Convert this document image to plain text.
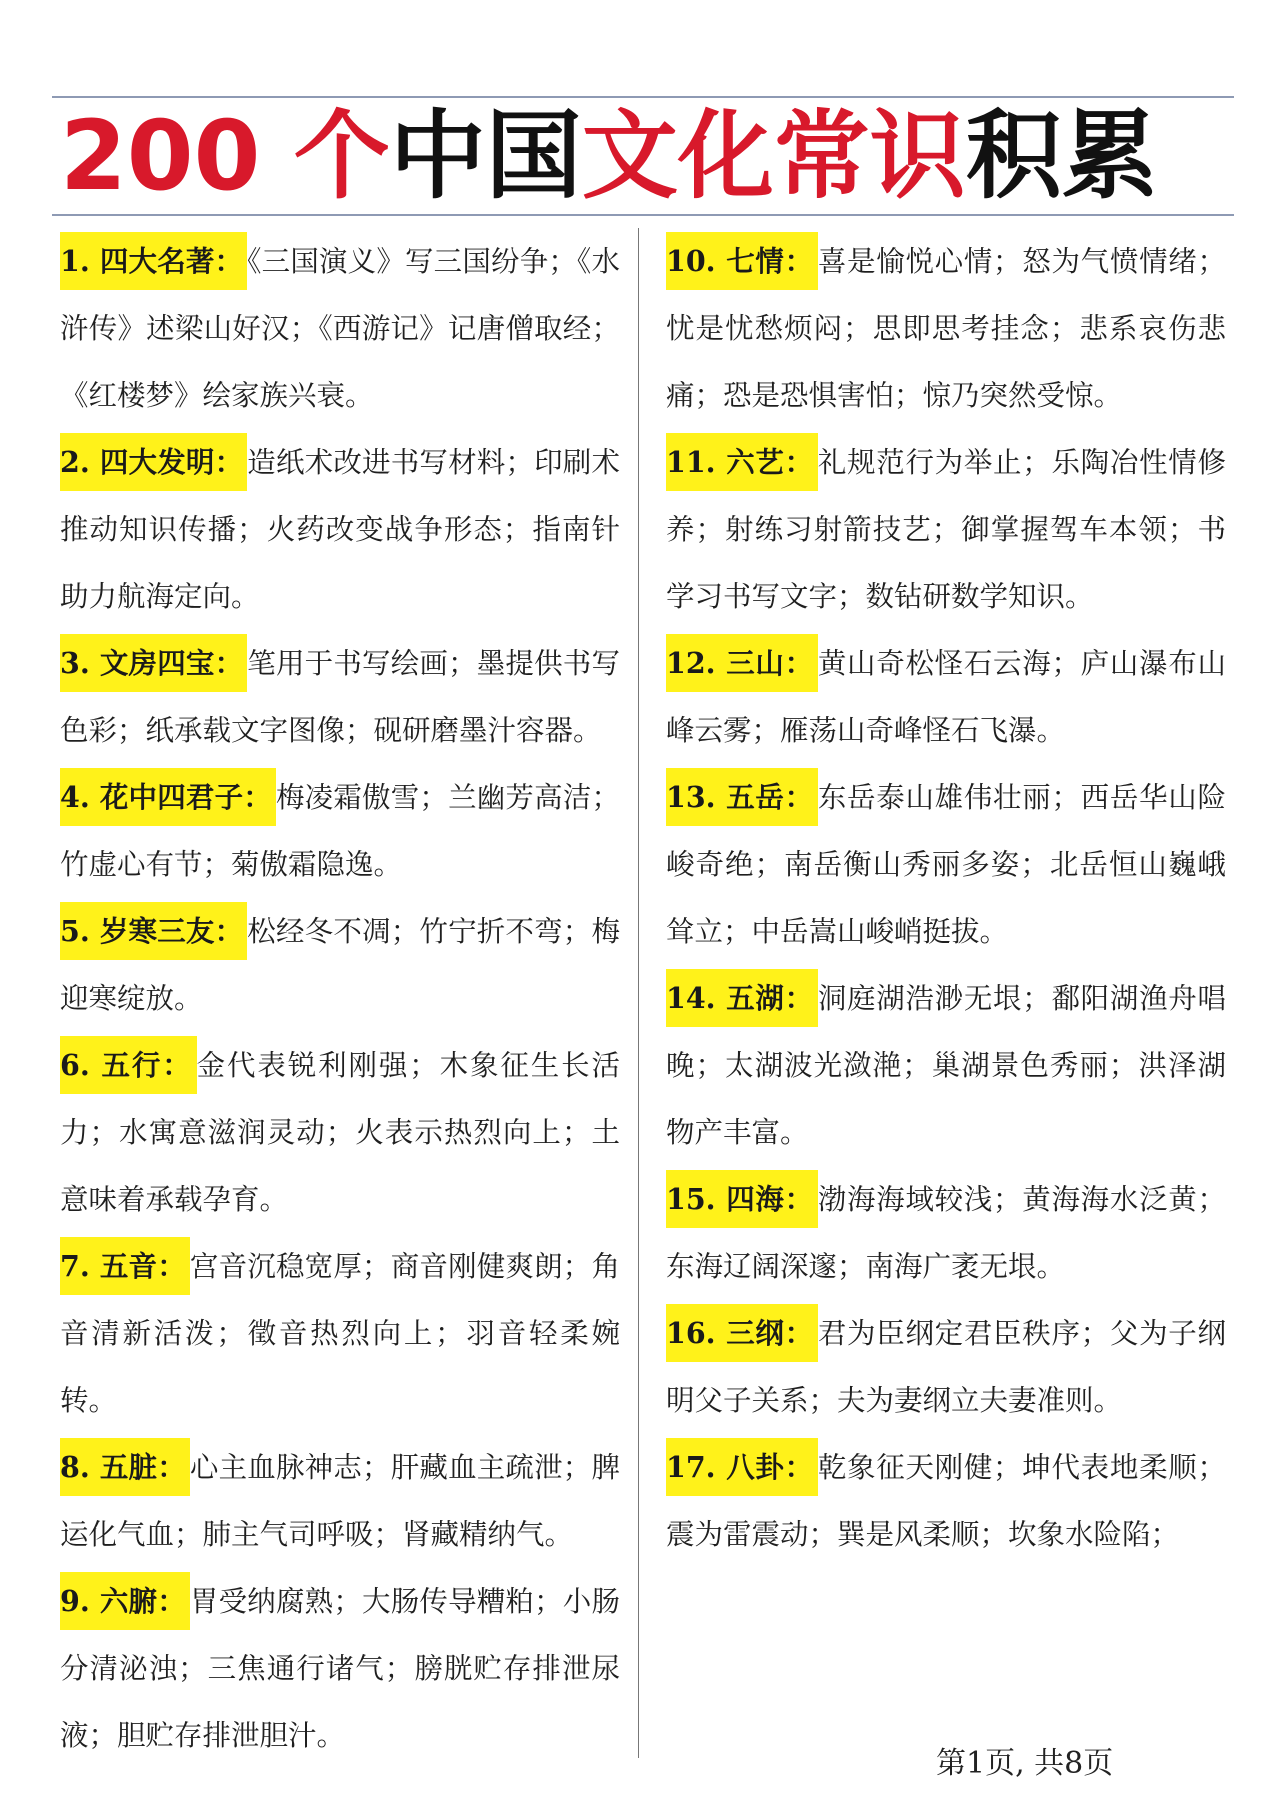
200 个中国文化常识积累

1. 四大名著： 《三国演义》写三国纷争；《水浒传》述梁山好汉；《西游记》记唐僧取经；《红楼梦》绘家族兴衰。

2. 四大发明： 造纸术改进书写材料；印刷术推动知识传播；火药改变战争形态；指南针助力航海定向。

3. 文房四宝： 笔用于书写绘画；墨提供书写色彩；纸承载文字图像；砚研磨墨汁容器。

4. 花中四君子： 梅凌霜傲雪；兰幽芳高洁；竹虚心有节；菊傲霜隐逸。

5. 岁寒三友： 松经冬不凋；竹宁折不弯；梅迎寒绽放。

6. 五行： 金代表锐利刚强；木象征生长活力；水寓意滋润灵动；火表示热烈向上；土意味着承载孕育。

7. 五音： 宫音沉稳宽厚；商音刚健爽朗；角音清新活泼；徵音热烈向上；羽音轻柔婉转。

8. 五脏： 心主血脉神志；肝藏血主疏泄；脾运化气血；肺主气司呼吸；肾藏精纳气。

9. 六腑： 胃受纳腐熟；大肠传导糟粕；小肠分清泌浊；三焦通行诸气；膀胱贮存排泄尿液；胆贮存排泄胆汁。

10. 七情： 喜是愉悦心情；怒为气愤情绪；忧是忧愁烦闷；思即思考挂念；悲系哀伤悲痛；恐是恐惧害怕；惊乃突然受惊。

11. 六艺： 礼规范行为举止；乐陶冶性情修养；射练习射箭技艺；御掌握驾车本领；书学习书写文字；数钻研数学知识。

12. 三山： 黄山奇松怪石云海；庐山瀑布山峰云雾；雁荡山奇峰怪石飞瀑。

13. 五岳： 东岳泰山雄伟壮丽；西岳华山险峻奇绝；南岳衡山秀丽多姿；北岳恒山巍峨耸立；中岳嵩山峻峭挺拔。

14. 五湖： 洞庭湖浩渺无垠；鄱阳湖渔舟唱晚；太湖波光潋滟；巢湖景色秀丽；洪泽湖物产丰富。

15. 四海： 渤海海域较浅；黄海海水泛黄；东海辽阔深邃；南海广袤无垠。

16. 三纲： 君为臣纲定君臣秩序；父为子纲明父子关系；夫为妻纲立夫妻准则。

17. 八卦： 乾象征天刚健；坤代表地柔顺；震为雷震动；巽是风柔顺；坎象水险陷；

第1页, 共8页
